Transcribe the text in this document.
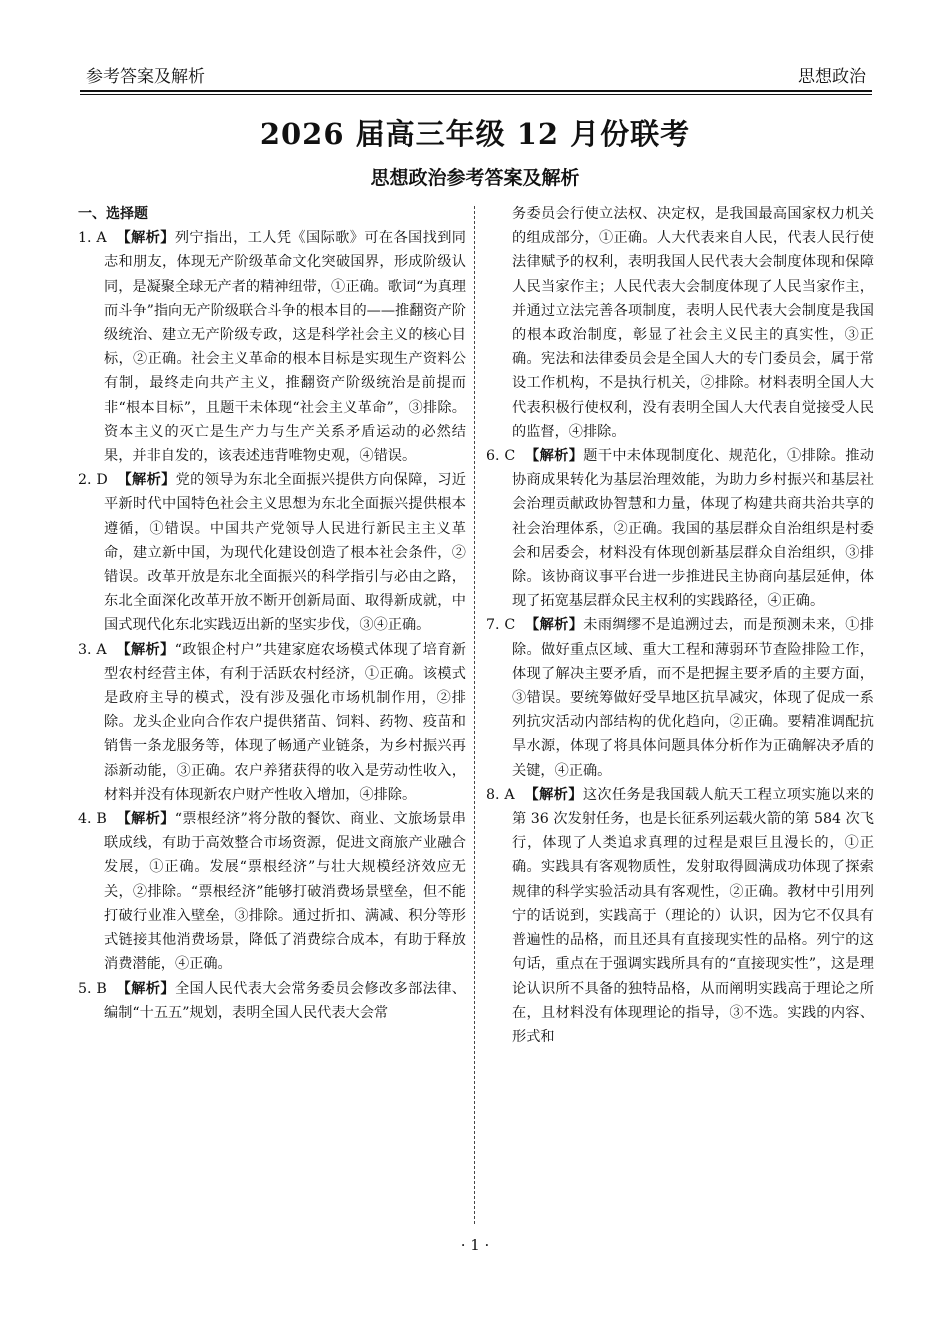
参考答案及解析	思想政治
2026 届高三年级 12 月份联考
思想政治参考答案及解析

一、选择题

1. A 【解析】列宁指出，工人凭《国际歌》可在各国找到同志和朋友，体现无产阶级革命文化突破国界，形成阶级认同，是凝聚全球无产者的精神纽带，①正确。歌词“为真理而斗争”指向无产阶级联合斗争的根本目的——推翻资产阶级统治、建立无产阶级专政，这是科学社会主义的核心目标，②正确。社会主义革命的根本目标是实现生产资料公有制，最终走向共产主义，推翻资产阶级统治是前提而非“根本目标”，且题干未体现“社会主义革命”，③排除。资本主义的灭亡是生产力与生产关系矛盾运动的必然结果，并非自发的，该表述违背唯物史观，④错误。

2. D 【解析】党的领导为东北全面振兴提供方向保障，习近平新时代中国特色社会主义思想为东北全面振兴提供根本遵循，①错误。中国共产党领导人民进行新民主主义革命，建立新中国，为现代化建设创造了根本社会条件，②错误。改革开放是东北全面振兴的科学指引与必由之路，东北全面深化改革开放不断开创新局面、取得新成就，中国式现代化东北实践迈出新的坚实步伐，③④正确。

3. A 【解析】“政银企村户”共建家庭农场模式体现了培育新型农村经营主体，有利于活跃农村经济，①正确。该模式是政府主导的模式，没有涉及强化市场机制作用，②排除。龙头企业向合作农户提供猪苗、饲料、药物、疫苗和销售一条龙服务等，体现了畅通产业链条，为乡村振兴再添新动能，③正确。农户养猪获得的收入是劳动性收入，材料并没有体现新农户财产性收入增加，④排除。

4. B 【解析】“票根经济”将分散的餐饮、商业、文旅场景串联成线，有助于高效整合市场资源，促进文商旅产业融合发展，①正确。发展“票根经济”与壮大规模经济效应无关，②排除。“票根经济”能够打破消费场景壁垒，但不能打破行业准入壁垒，③排除。通过折扣、满减、积分等形式链接其他消费场景，降低了消费综合成本，有助于释放消费潜能，④正确。

5. B 【解析】全国人民代表大会常务委员会修改多部法律、编制“十五五”规划，表明全国人民代表大会常

务委员会行使立法权、决定权，是我国最高国家权力机关的组成部分，①正确。人大代表来自人民，代表人民行使法律赋予的权利，表明我国人民代表大会制度体现和保障人民当家作主；人民代表大会制度体现了人民当家作主，并通过立法完善各项制度，表明人民代表大会制度是我国的根本政治制度，彰显了社会主义民主的真实性，③正确。宪法和法律委员会是全国人大的专门委员会，属于常设工作机构，不是执行机关，②排除。材料表明全国人大代表积极行使权利，没有表明全国人大代表自觉接受人民的监督，④排除。

6. C 【解析】题干中未体现制度化、规范化，①排除。推动协商成果转化为基层治理效能，为助力乡村振兴和基层社会治理贡献政协智慧和力量，体现了构建共商共治共享的社会治理体系，②正确。我国的基层群众自治组织是村委会和居委会，材料没有体现创新基层群众自治组织，③排除。该协商议事平台进一步推进民主协商向基层延伸，体现了拓宽基层群众民主权利的实践路径，④正确。

7. C 【解析】未雨绸缪不是追溯过去，而是预测未来，①排除。做好重点区域、重大工程和薄弱环节查险排险工作，体现了解决主要矛盾，而不是把握主要矛盾的主要方面，③错误。要统筹做好受旱地区抗旱减灾，体现了促成一系列抗灾活动内部结构的优化趋向，②正确。要精准调配抗旱水源，体现了将具体问题具体分析作为正确解决矛盾的关键，④正确。

8. A 【解析】这次任务是我国载人航天工程立项实施以来的第 36 次发射任务，也是长征系列运载火箭的第 584 次飞行，体现了人类追求真理的过程是艰巨且漫长的，①正确。实践具有客观物质性，发射取得圆满成功体现了探索规律的科学实验活动具有客观性，②正确。教材中引用列宁的话说到，实践高于（理论的）认识，因为它不仅具有普遍性的品格，而且还具有直接现实性的品格。列宁的这句话，重点在于强调实践所具有的“直接现实性”，这是理论认识所不具备的独特品格，从而阐明实践高于理论之所在，且材料没有体现理论的指导，③不选。实践的内容、形式和

· 1 ·
